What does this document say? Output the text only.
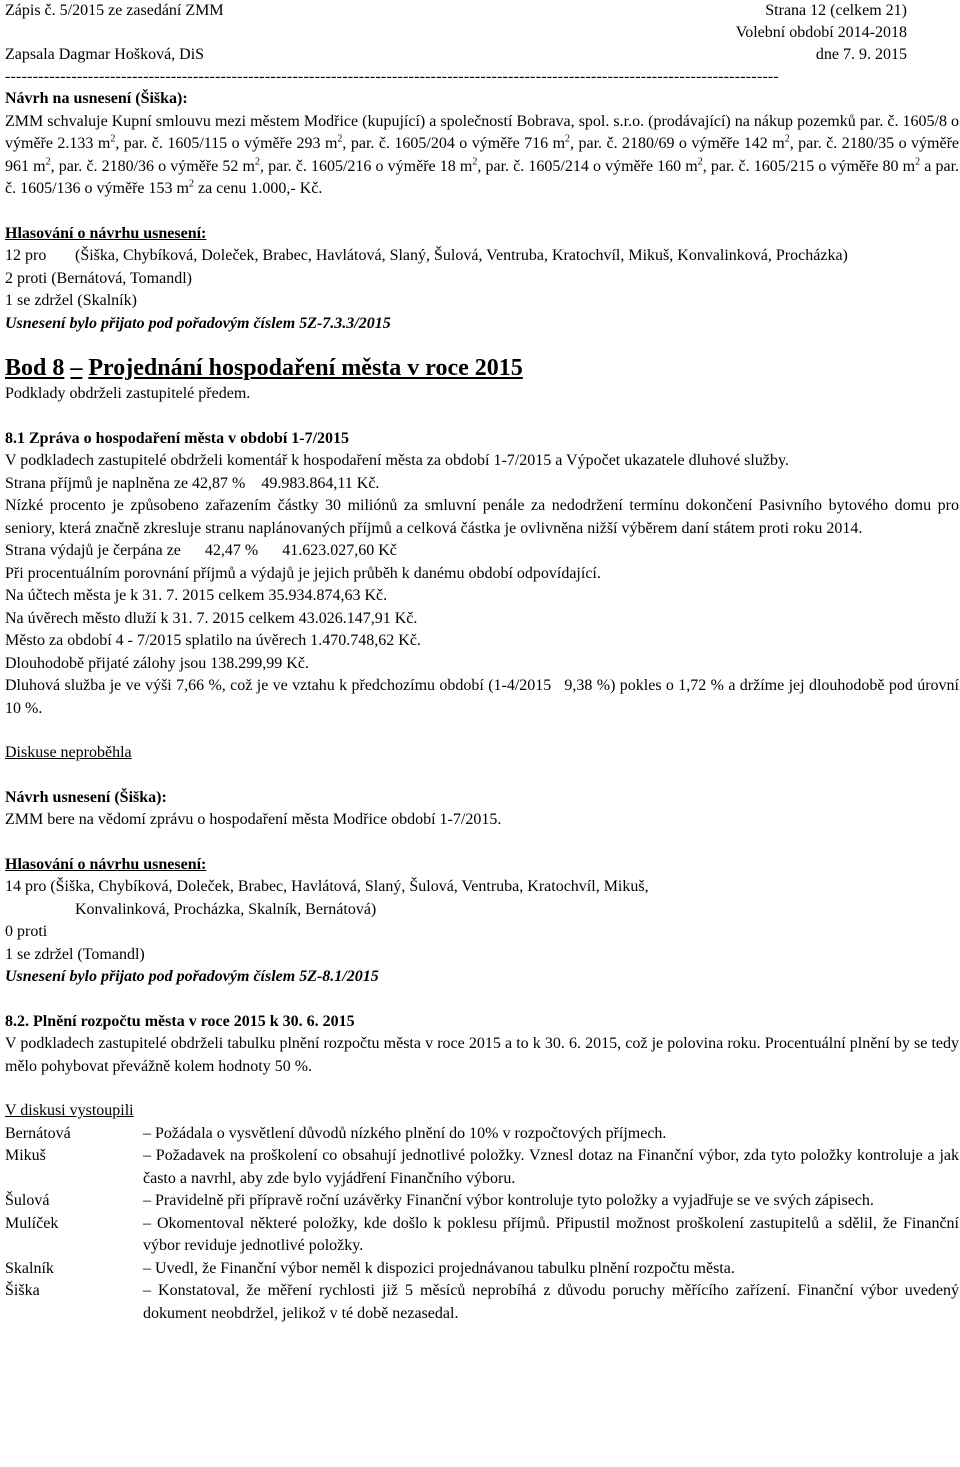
Zápis č. 5/2015 ze zasedání ZMM	Strana 12 (celkem 21)
Volební období 2014-2018
Zapsala Dagmar Hošková, DiS	dne 7. 9. 2015
--------------------------------------------------------------------------------------------------------------------------------------------

Návrh na usnesení (Šiška):

ZMM schvaluje Kupní smlouvu mezi městem Modřice (kupující) a společností Bobrava, spol. s.r.o. (prodávající) na nákup pozemků par. č. 1605/8 o výměře 2.133 $m^2$, par. č. 1605/115 o výměře 293 $m^2$, par. č. 1605/204 o výměře 716 $m^2$, par. č. 2180/69 o výměře 142 $m^2$, par. č. 2180/35 o výměře 961 $m^2$, par. č. 2180/36 o výměře 52 $m^2$, par. č. 1605/216 o výměře 18 $m^2$, par. č. 1605/214 o výměře 160 $m^2$, par. č. 1605/215 o výměře 80 $m^2$ a par. č. 1605/136 o výměře 153 $m^2$ za cenu 1.000,- Kč.

Hlasování o návrhu usnesení:

12 pro	(Šiška, Chybíková, Doleček, Brabec, Havlátová, Slaný, Šulová, Ventruba, Kratochvíl, Mikuš, Konvalinková, Procházka)

2 proti (Bernátová, Tomandl)

1 se zdržel (Skalník)

Usnesení bylo přijato pod pořadovým číslem 5Z-7.3.3/2015

Bod 8 – Projednání hospodaření města v roce 2015

Podklady obdrželi zastupitelé předem.

8.1 Zpráva o hospodaření města v období 1-7/2015

V podkladech zastupitelé obdrželi komentář k hospodaření města za období 1-7/2015 a Výpočet ukazatele dluhové služby.

Strana příjmů je naplněna ze 42,87 %    49.983.864,11 Kč.

Nízké procento je způsobeno zařazením částky 30 miliónů za smluvní penále za nedodržení termínu dokončení Pasivního bytového domu pro seniory, která značně zkresluje stranu naplánovaných příjmů a celková částka je ovlivněna nižší výběrem daní státem proti roku 2014.

Strana výdajů je čerpána ze      42,47 %      41.623.027,60 Kč

Při procentuálním porovnání příjmů a výdajů je jejich průběh k danému období odpovídající.

Na účtech města je k 31. 7. 2015 celkem 35.934.874,63 Kč.

Na úvěrech město dluží k 31. 7. 2015 celkem 43.026.147,91 Kč.

Město za období 4 - 7/2015 splatilo na úvěrech 1.470.748,62 Kč.

Dlouhodobě přijaté zálohy jsou 138.299,99 Kč.

Dluhová služba je ve výši 7,66 %, což je ve vztahu k předchozímu období (1-4/2015   9,38 %) pokles o 1,72 % a držíme jej dlouhodobě pod úrovní 10 %.

Diskuse neproběhla

Návrh usnesení (Šiška):

ZMM bere na vědomí zprávu o hospodaření města Modřice období 1-7/2015.

Hlasování o návrhu usnesení:

14 pro (Šiška, Chybíková, Doleček, Brabec, Havlátová, Slaný, Šulová, Ventruba, Kratochvíl, Mikuš,

Konvalinková, Procházka, Skalník, Bernátová)

0 proti

1 se zdržel (Tomandl)

Usnesení bylo přijato pod pořadovým číslem 5Z-8.1/2015

8.2. Plnění rozpočtu města v roce 2015 k 30. 6. 2015

V podkladech zastupitelé obdrželi tabulku plnění rozpočtu města v roce 2015 a to k 30. 6. 2015, což je polovina roku. Procentuální plnění by se tedy mělo pohybovat převážně kolem hodnoty 50 %.

V diskusi vystoupili

Bernátová	– Požádala o vysvětlení důvodů nízkého plnění do 10% v rozpočtových příjmech.
Mikuš	– Požadavek na proškolení co obsahují jednotlivé položky. Vznesl dotaz na Finanční výbor, zda tyto položky kontroluje a jak často a navrhl, aby zde bylo vyjádření Finančního výboru.
Šulová	– Pravidelně při přípravě roční uzávěrky Finanční výbor kontroluje tyto položky a vyjadřuje se ve svých zápisech.
Mulíček	– Okomentoval některé položky, kde došlo k poklesu příjmů. Připustil možnost proškolení zastupitelů a sdělil, že Finanční výbor reviduje jednotlivé položky.
Skalník	– Uvedl, že Finanční výbor neměl k dispozici projednávanou tabulku plnění rozpočtu města.
Šiška	– Konstatoval, že měření rychlosti již 5 měsíců neprobíhá z důvodu poruchy měřícího zařízení. Finanční výbor uvedený dokument neobdržel, jelikož v té době nezasedal.
